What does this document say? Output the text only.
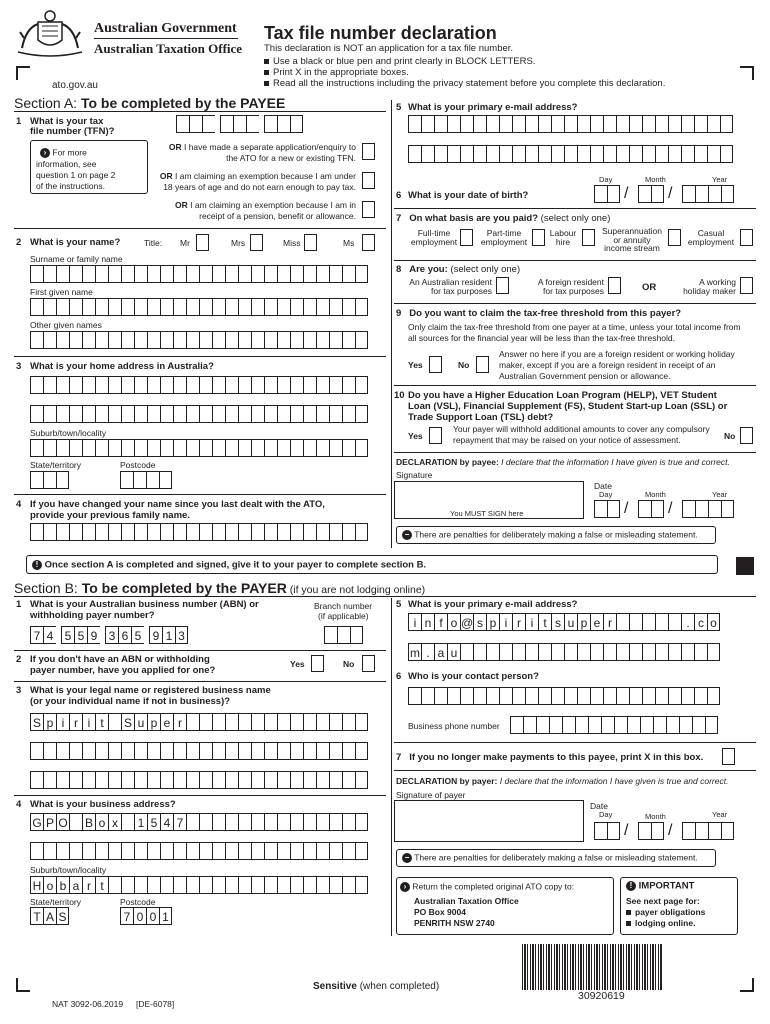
Australian Government
Australian Taxation Office
ato.gov.au
Tax file number declaration
This declaration is NOT an application for a tax file number.
Use a black or blue pen and print clearly in BLOCK LETTERS.
Print X in the appropriate boxes.
Read all the instructions including the privacy statement before you complete this declaration.
Section A: To be completed by the PAYEE
1 What is your tax
file number (TFN)?
› For more
information, see
question 1 on page 2
of the instructions.
OR I have made a separate application/enquiry to
the ATO for a new or existing TFN.
OR I am claiming an exemption because I am under
18 years of age and do not earn enough to pay tax.
OR I am claiming an exemption because I am in
receipt of a pension, benefit or allowance.
2 What is your name?	Title: Mr	Mrs	Miss	Ms
Surname or family name
First given name
Other given names
3 What is your home address in Australia?
Suburb/town/locality
State/territory	Postcode
4 If you have changed your name since you last dealt with the ATO,
provide your previous family name.
5 What is your primary e-mail address?
Day	Month	Year
6 What is your date of birth?	/ /
7 On what basis are you paid? (select only one)
Full-time
employment
Part-time
employment
Labour
hire
Superannuation
or annuity
income stream
Casual
employment
8 Are you: (select only one)
An Australian resident
for tax purposes
A foreign resident
for tax purposes	OR	A working
holiday maker
9 Do you want to claim the tax-free threshold from this payer?
Only claim the tax-free threshold from one payer at a time, unless your total income from
all sources for the financial year will be less than the tax-free threshold.
Yes	No
Answer no here if you are a foreign resident or working holiday
maker, except if you are a foreign resident in receipt of an
Australian Government pension or allowance.
10 Do you have a Higher Education Loan Program (HELP), VET Student
Loan (VSL), Financial Supplement (FS), Student Start-up Loan (SSL) or
Trade Support Loan (TSL) debt?
Yes
Your payer will withhold additional amounts to cover any compulsory
repayment that may be raised on your notice of assessment.	No
DECLARATION by payee: I declare that the information I have given is true and correct.
Signature
You MUST SIGN here
Date
Day	Month	Year
/ /
− There are penalties for deliberately making a false or misleading statement.
! Once section A is completed and signed, give it to your payer to complete section B.
Section B: To be completed by the PAYER (if you are not lodging online)
1 What is your Australian business number (ABN) or
withholding payer number?
Branch number
(if applicable)
7 4 5 5 9 3 6 5 9 1 3
2 If you don't have an ABN or withholding
payer number, have you applied for one?
Yes	No
3 What is your legal name or registered business name
(or your individual name if not in business)?
S p i r i t	S u p e r
4 What is your business address?
G P O B o x	1 5 4 7
Suburb/town/locality
H o b a r t
State/territory	Postcode
T A S	7 0 0 1
5 What is your primary e-mail address?
i n f o @ s p i r i t s u p e r	. c o
m . a u
6 Who is your contact person?
Business phone number
7 If you no longer make payments to this payee, print X in this box.
DECLARATION by payer: I declare that the information I have given is true and correct.
Signature of payer
Date
Day	Month	Year
/ /
− There are penalties for deliberately making a false or misleading statement.
› Return the completed original ATO copy to:
Australian Taxation Office
PO Box 9004
PENRITH NSW 2740
! IMPORTANT
See next page for:
payer obligations
lodging online.
Sensitive (when completed)
NAT 3092-06.2019 [DE-6078]
30920619
